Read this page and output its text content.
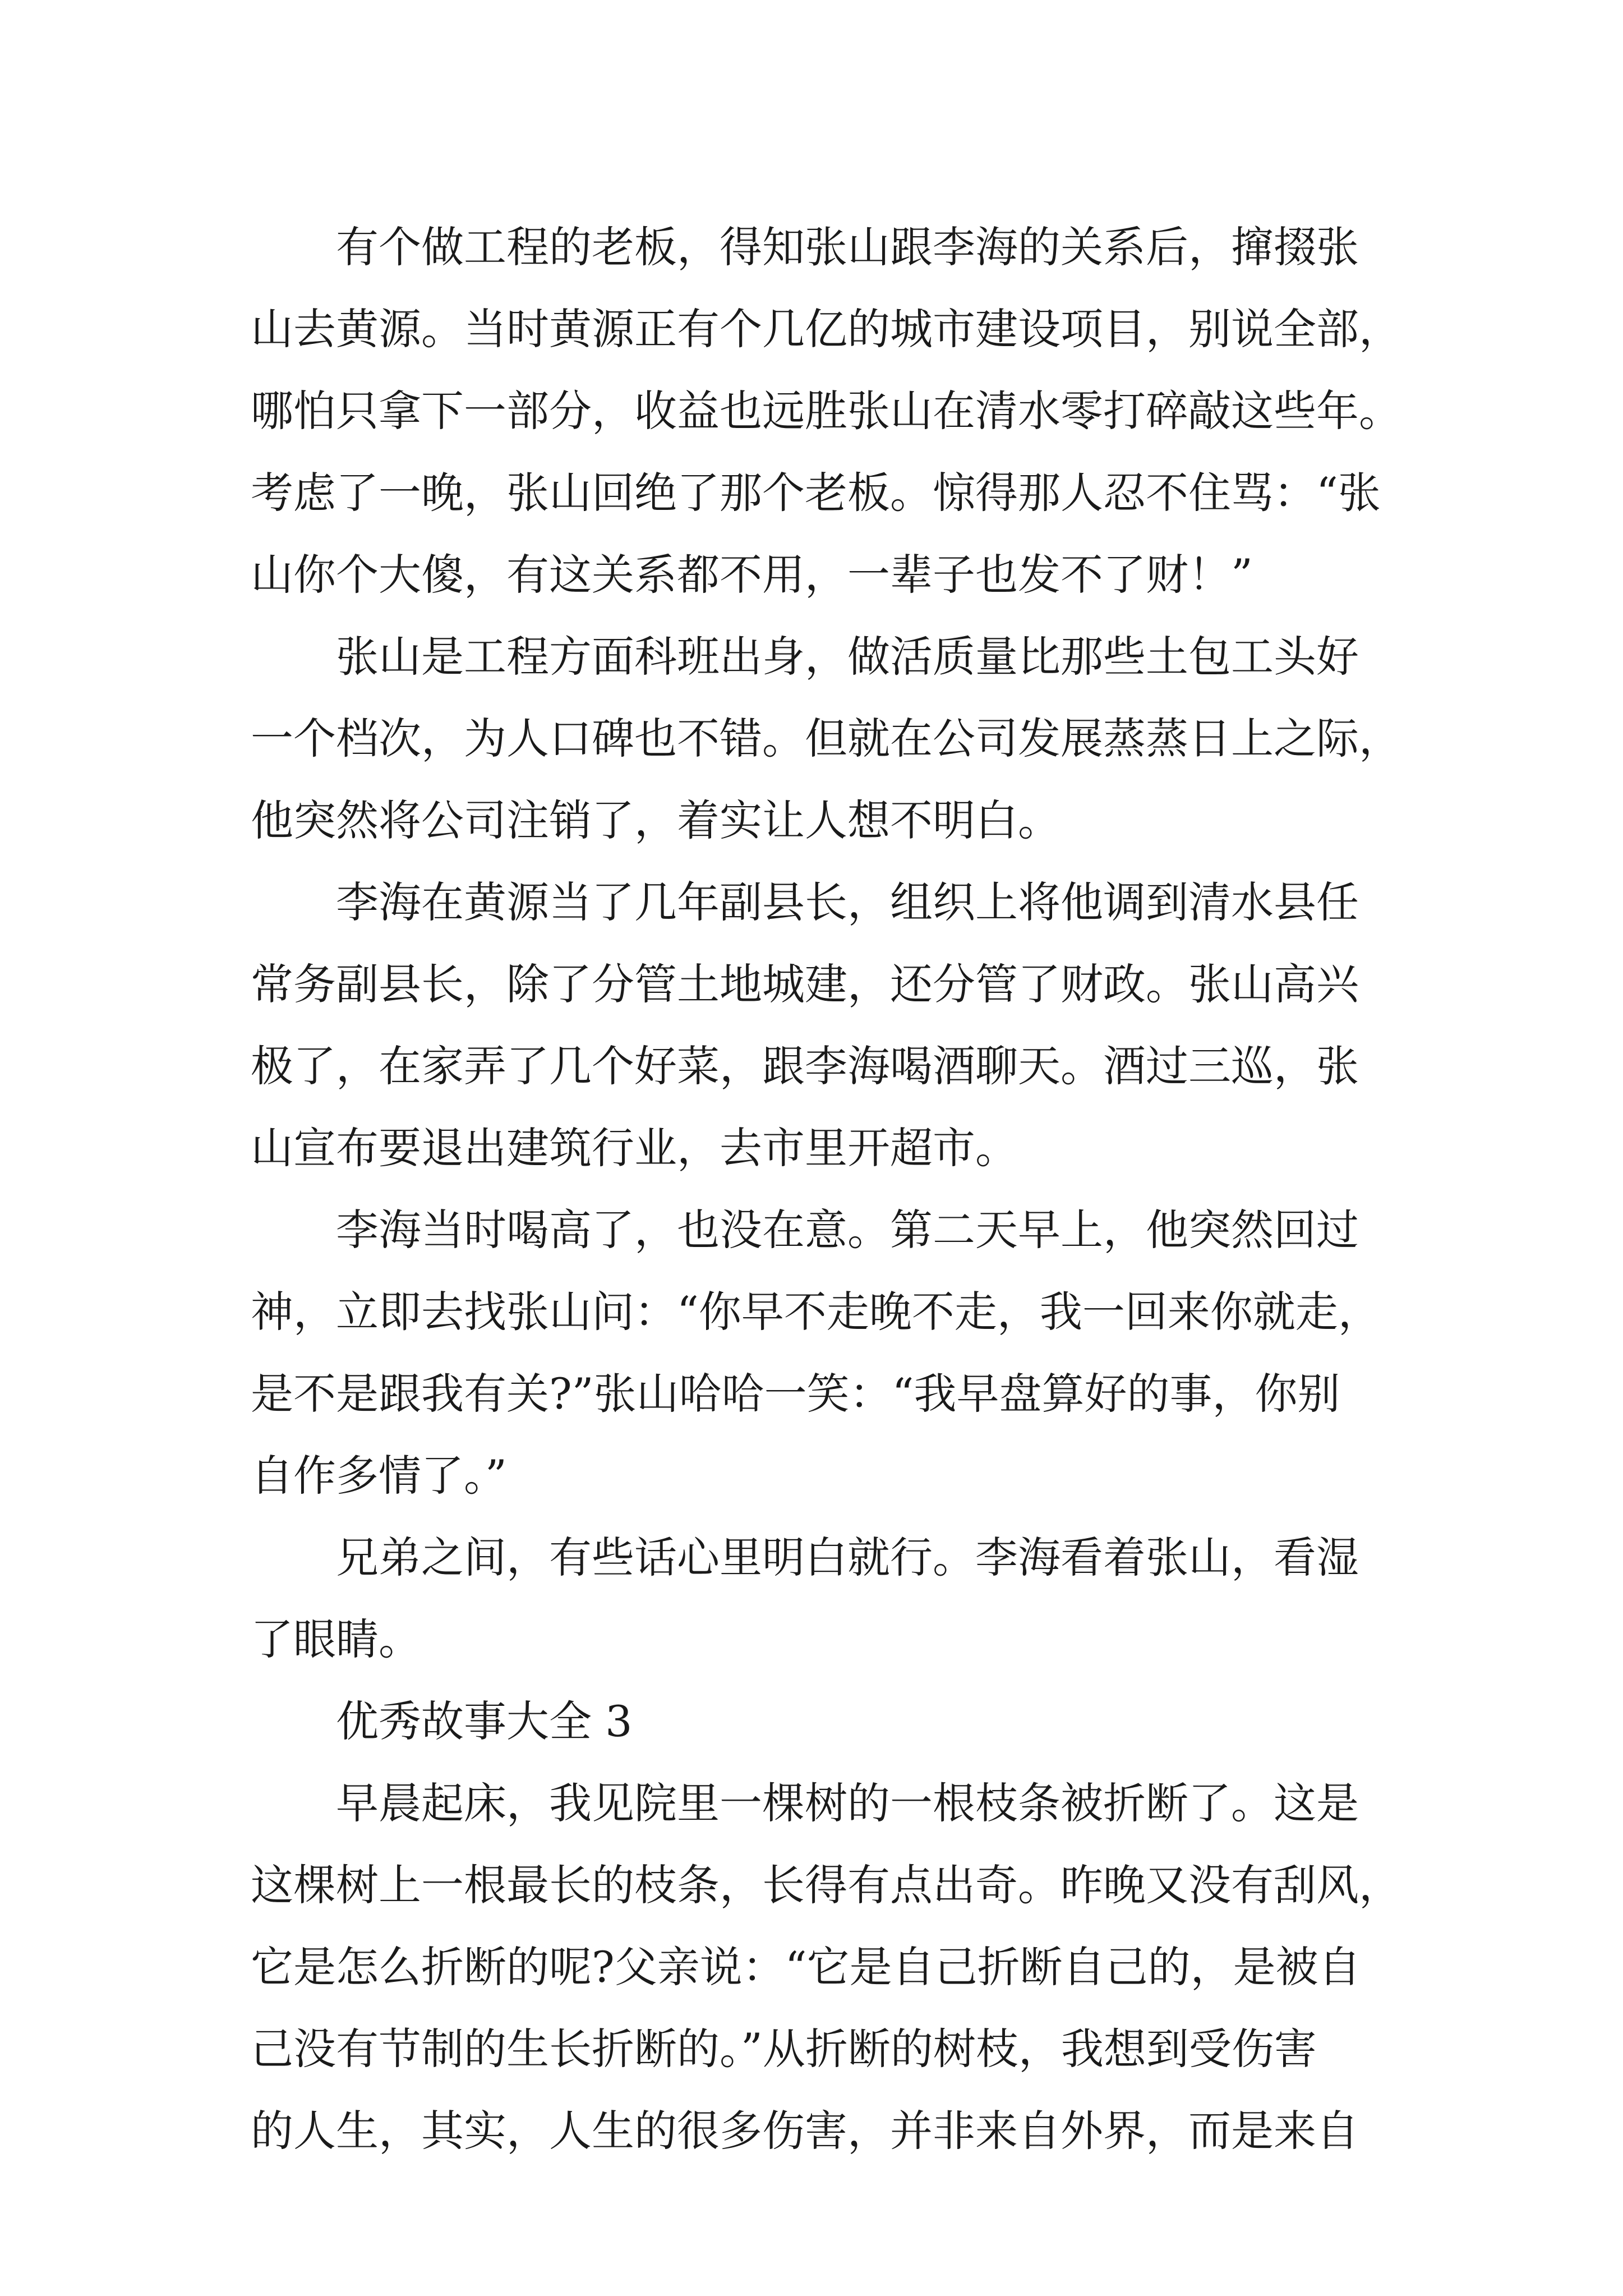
有个做工程的老板，得知张山跟李海的关系后，撺掇张
山去黄源。当时黄源正有个几亿的城市建设项目，别说全部，
哪怕只拿下一部分，收益也远胜张山在清水零打碎敲这些年。
考虑了一晚，张山回绝了那个老板。惊得那人忍不住骂：“张
山你个大傻，有这关系都不用，一辈子也发不了财！”
张山是工程方面科班出身，做活质量比那些土包工头好
一个档次，为人口碑也不错。但就在公司发展蒸蒸日上之际，
他突然将公司注销了，着实让人想不明白。
李海在黄源当了几年副县长，组织上将他调到清水县任
常务副县长，除了分管土地城建，还分管了财政。张山高兴
极了，在家弄了几个好菜，跟李海喝酒聊天。酒过三巡，张
山宣布要退出建筑行业，去市里开超市。
李海当时喝高了，也没在意。第二天早上，他突然回过
神，立即去找张山问：“你早不走晚不走，我一回来你就走，
是不是跟我有关?”张山哈哈一笑：“我早盘算好的事，你别
自作多情了。”
兄弟之间，有些话心里明白就行。李海看着张山，看湿
了眼睛。
优秀故事大全 3
早晨起床，我见院里一棵树的一根枝条被折断了。这是
这棵树上一根最长的枝条，长得有点出奇。昨晚又没有刮风，
它是怎么折断的呢?父亲说：“它是自己折断自己的，是被自
己没有节制的生长折断的。”从折断的树枝，我想到受伤害
的人生，其实，人生的很多伤害，并非来自外界，而是来自
